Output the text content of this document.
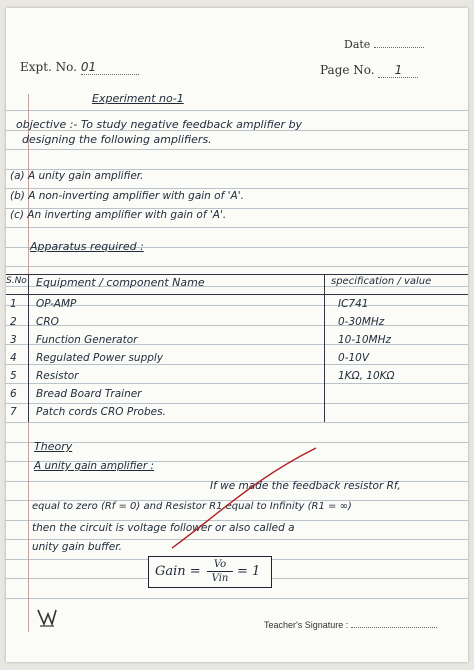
Date
Expt. No. 01	Page No. 1
Experiment no-1
objective :- To study negative feedback amplifier by
designing the following amplifiers.
(a) A unity gain amplifier.
(b) A non-inverting amplifier with gain of 'A'.
(c) An inverting amplifier with gain of 'A'.
Apparatus required :
S.No Equipment / component Name	specification / value
1	OP-AMP	IC741
2	CRO	0-30MHz
3	Function Generator	10-10MHz
4	Regulated Power supply	0-10V
5	Resistor	1KΩ, 10KΩ
6	Bread Board Trainer
7	Patch cords CRO Probes.
Theory
A unity gain amplifier :
If we made the feedback resistor Rf,
equal to zero (Rf = 0) and Resistor R1 equal to Infinity (R1 = ∞)
then the circuit is voltage follower or also called a
unity gain buffer.
Gain =	Vo
Vin = 1
Teacher's Signature :
